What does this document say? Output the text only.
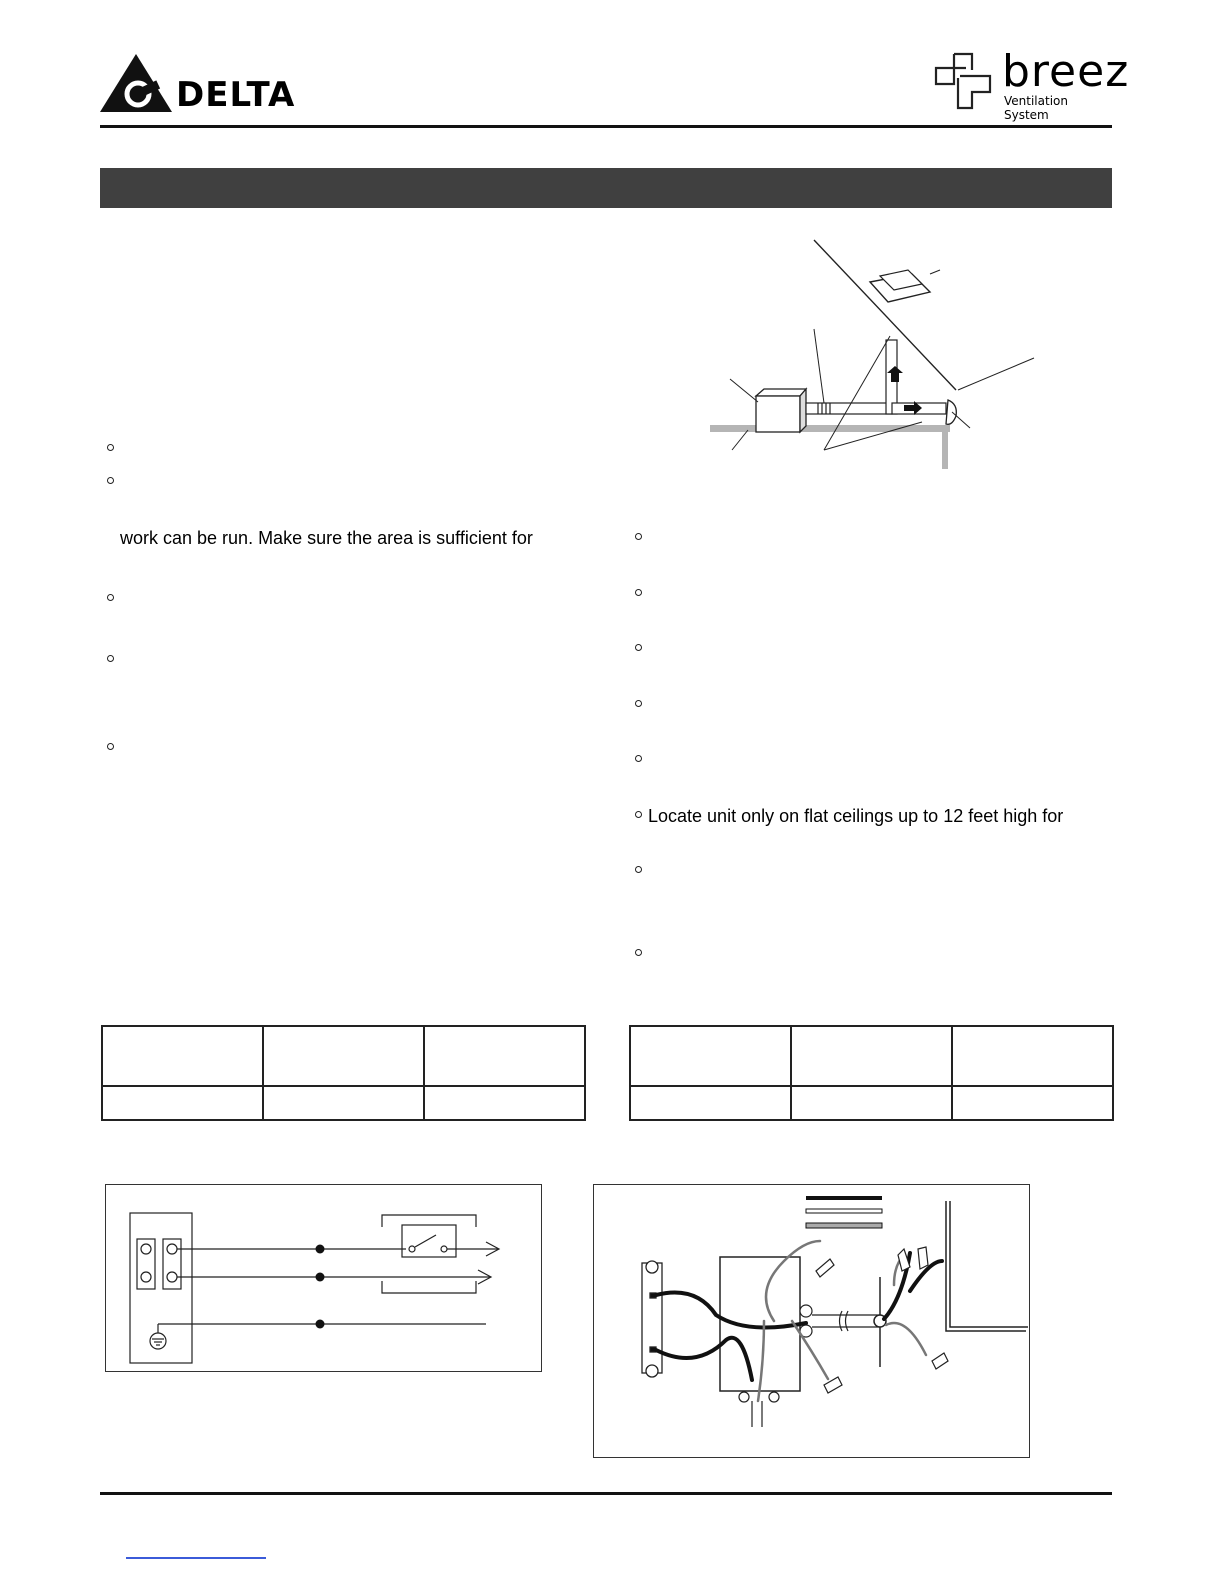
DELTA	breez
Ventilation System
work can be run. Make sure the area is sufficient for
Locate unit only on flat ceilings up to 12 feet high for
